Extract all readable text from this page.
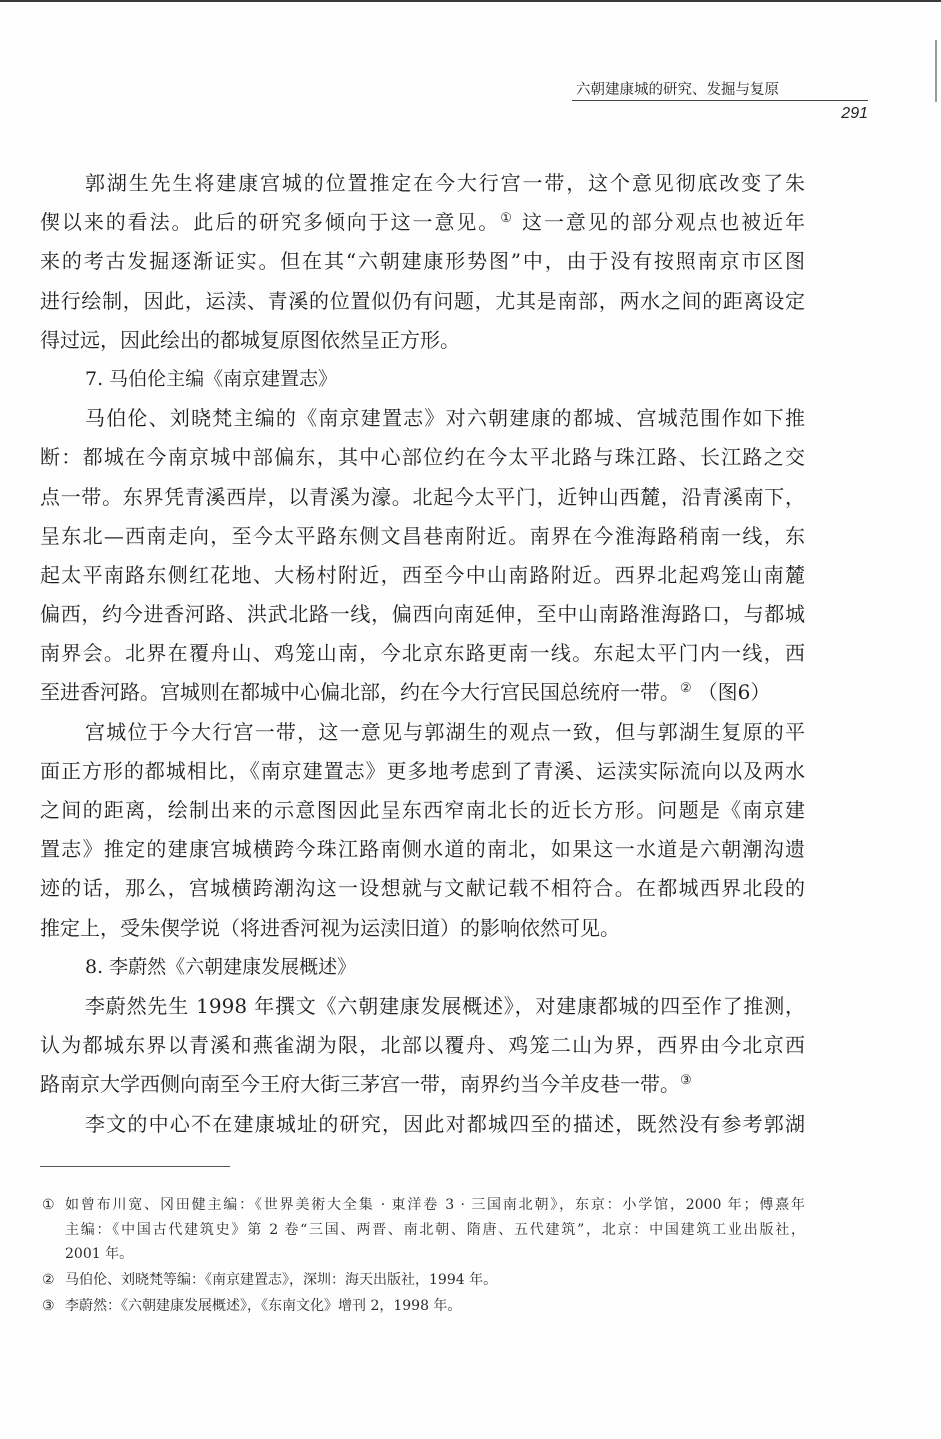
六朝建康城的研究、发掘与复原
291
郭湖生先生将建康宫城的位置推定在今大行宫一带，这个意见彻底改变了朱
偰以来的看法。此后的研究多倾向于这一意见。① 这一意见的部分观点也被近年
来的考古发掘逐渐证实。但在其“六朝建康形势图”中，由于没有按照南京市区图
进行绘制，因此，运渎、青溪的位置似仍有问题，尤其是南部，两水之间的距离设定
得过远，因此绘出的都城复原图依然呈正方形。
7. 马伯伦主编《南京建置志》
马伯伦、刘晓梵主编的《南京建置志》对六朝建康的都城、宫城范围作如下推
断：都城在今南京城中部偏东，其中心部位约在今太平北路与珠江路、长江路之交
点一带。东界凭青溪西岸，以青溪为濠。北起今太平门，近钟山西麓，沿青溪南下，
呈东北—西南走向，至今太平路东侧文昌巷南附近。南界在今淮海路稍南一线，东
起太平南路东侧红花地、大杨村附近，西至今中山南路附近。西界北起鸡笼山南麓
偏西，约今进香河路、洪武北路一线，偏西向南延伸，至中山南路淮海路口，与都城
南界会。北界在覆舟山、鸡笼山南，今北京东路更南一线。东起太平门内一线，西
至进香河路。宫城则在都城中心偏北部，约在今大行宫民国总统府一带。② （图6）
宫城位于今大行宫一带，这一意见与郭湖生的观点一致，但与郭湖生复原的平
面正方形的都城相比，《南京建置志》更多地考虑到了青溪、运渎实际流向以及两水
之间的距离，绘制出来的示意图因此呈东西窄南北长的近长方形。问题是《南京建
置志》推定的建康宫城横跨今珠江路南侧水道的南北，如果这一水道是六朝潮沟遗
迹的话，那么，宫城横跨潮沟这一设想就与文献记载不相符合。在都城西界北段的
推定上，受朱偰学说（将进香河视为运渎旧道）的影响依然可见。
8. 李蔚然《六朝建康发展概述》
李蔚然先生 1998 年撰文《六朝建康发展概述》，对建康都城的四至作了推测，
认为都城东界以青溪和燕雀湖为限，北部以覆舟、鸡笼二山为界，西界由今北京西
路南京大学西侧向南至今王府大街三茅宫一带，南界约当今羊皮巷一带。③
李文的中心不在建康城址的研究，因此对都城四至的描述，既然没有参考郭湖
① 如曾布川宽、冈田健主编：《世界美術大全集 · 東洋卷 3 · 三国南北朝》，东京：小学馆，2000 年；傅熹年
主编：《中国古代建筑史》第 2 卷“三国、两晋、南北朝、隋唐、五代建筑”，北京：中国建筑工业出版社，
2001 年。
② 马伯伦、刘晓梵等编：《南京建置志》，深圳：海天出版社，1994 年。
③ 李蔚然：《六朝建康发展概述》，《东南文化》增刊 2，1998 年。
